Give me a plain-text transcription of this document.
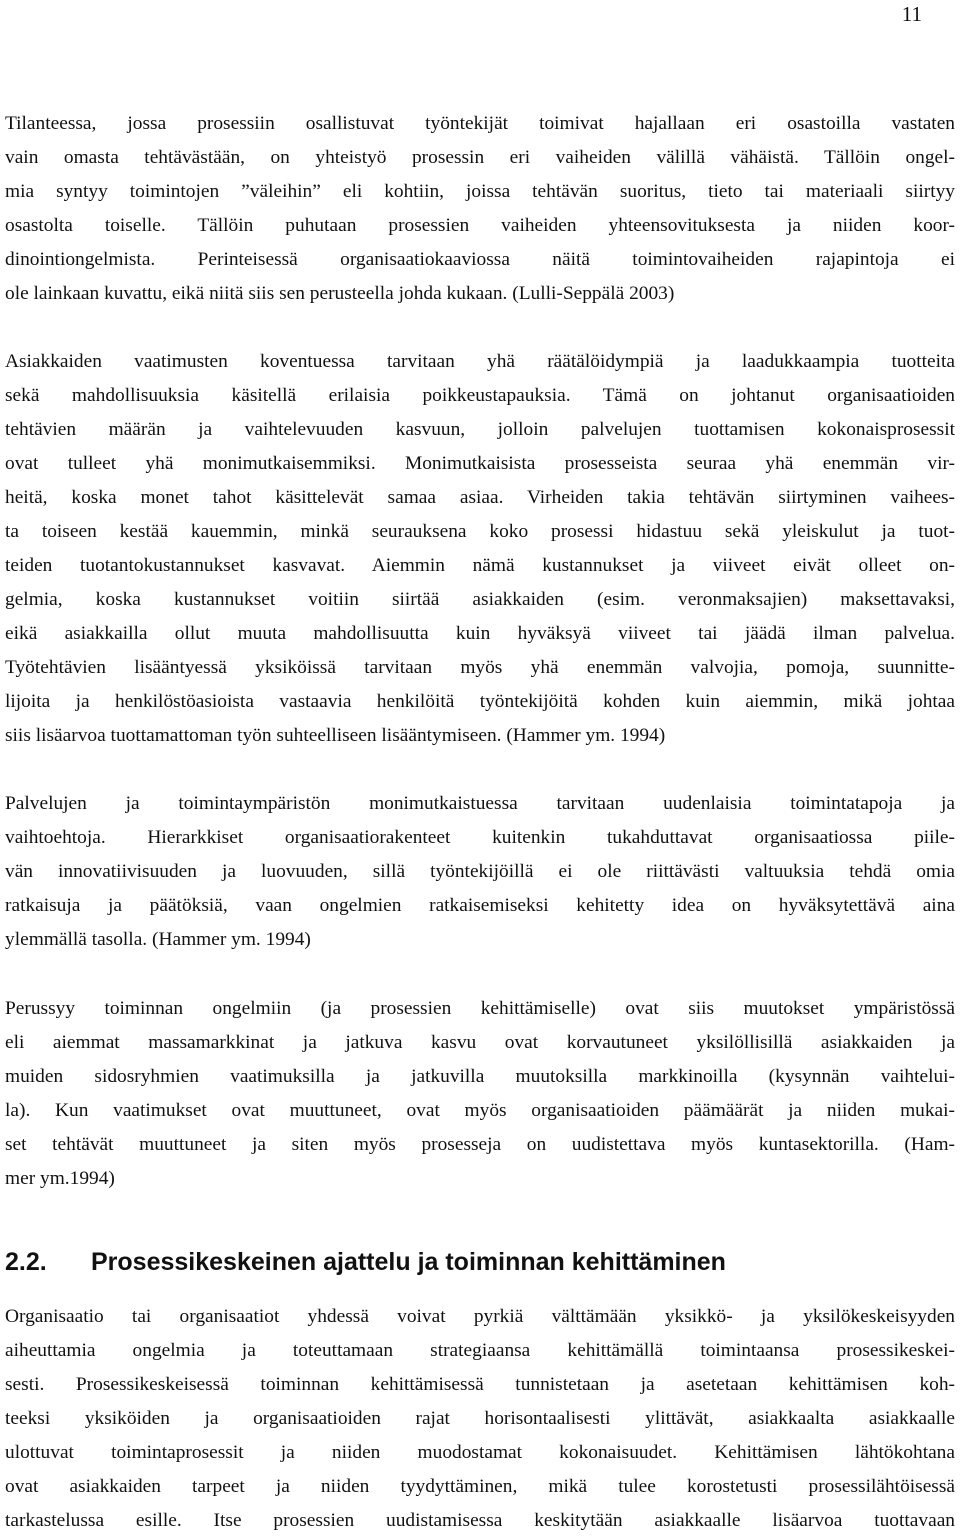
11
Tilanteessa, jossa prosessiin osallistuvat työntekijät toimivat hajallaan eri osastoilla vastaten
vain omasta tehtävästään, on yhteistyö prosessin eri vaiheiden välillä vähäistä. Tällöin ongel-
mia syntyy toimintojen ”väleihin” eli kohtiin, joissa tehtävän suoritus, tieto tai materiaali siirtyy
osastolta toiselle. Tällöin puhutaan prosessien vaiheiden yhteensovituksesta ja niiden koor-
dinointiongelmista. Perinteisessä organisaatiokaaviossa näitä toimintovaiheiden rajapintoja ei
ole lainkaan kuvattu, eikä niitä siis sen perusteella johda kukaan. (Lulli-Seppälä 2003)
Asiakkaiden vaatimusten koventuessa tarvitaan yhä räätälöidympiä ja laadukkaampia tuotteita
sekä mahdollisuuksia käsitellä erilaisia poikkeustapauksia. Tämä on johtanut organisaatioiden
tehtävien määrän ja vaihtelevuuden kasvuun, jolloin palvelujen tuottamisen kokonaisprosessit
ovat tulleet yhä monimutkaisemmiksi. Monimutkaisista prosesseista seuraa yhä enemmän vir-
heitä, koska monet tahot käsittelevät samaa asiaa. Virheiden takia tehtävän siirtyminen vaihees-
ta toiseen kestää kauemmin, minkä seurauksena koko prosessi hidastuu sekä yleiskulut ja tuot-
teiden tuotantokustannukset kasvavat. Aiemmin nämä kustannukset ja viiveet eivät olleet on-
gelmia, koska kustannukset voitiin siirtää asiakkaiden (esim. veronmaksajien) maksettavaksi,
eikä asiakkailla ollut muuta mahdollisuutta kuin hyväksyä viiveet tai jäädä ilman palvelua.
Työtehtävien lisääntyessä yksiköissä tarvitaan myös yhä enemmän valvojia, pomoja, suunnitte-
lijoita ja henkilöstöasioista vastaavia henkilöitä työntekijöitä kohden kuin aiemmin, mikä johtaa
siis lisäarvoa tuottamattoman työn suhteelliseen lisääntymiseen. (Hammer ym. 1994)
Palvelujen ja toimintaympäristön monimutkaistuessa tarvitaan uudenlaisia toimintatapoja ja
vaihtoehtoja. Hierarkkiset organisaatiorakenteet kuitenkin tukahduttavat organisaatiossa piile-
vän innovatiivisuuden ja luovuuden, sillä työntekijöillä ei ole riittävästi valtuuksia tehdä omia
ratkaisuja ja päätöksiä, vaan ongelmien ratkaisemiseksi kehitetty idea on hyväksytettävä aina
ylemmällä tasolla. (Hammer ym. 1994)
Perussyy toiminnan ongelmiin (ja prosessien kehittämiselle) ovat siis muutokset ympäristössä
eli aiemmat massamarkkinat ja jatkuva kasvu ovat korvautuneet yksilöllisillä asiakkaiden ja
muiden sidosryhmien vaatimuksilla ja jatkuvilla muutoksilla markkinoilla (kysynnän vaihtelui-
la). Kun vaatimukset ovat muuttuneet, ovat myös organisaatioiden päämäärät ja niiden mukai-
set tehtävät muuttuneet ja siten myös prosesseja on uudistettava myös kuntasektorilla. (Ham-
mer ym.1994)
2.2. Prosessikeskeinen ajattelu ja toiminnan kehittäminen
Organisaatio tai organisaatiot yhdessä voivat pyrkiä välttämään yksikkö- ja yksilökeskeisyyden
aiheuttamia ongelmia ja toteuttamaan strategiaansa kehittämällä toimintaansa prosessikeskei-
sesti. Prosessikeskeisessä toiminnan kehittämisessä tunnistetaan ja asetetaan kehittämisen koh-
teeksi yksiköiden ja organisaatioiden rajat horisontaalisesti ylittävät, asiakkaalta asiakkaalle
ulottuvat toimintaprosessit ja niiden muodostamat kokonaisuudet. Kehittämisen lähtökohtana
ovat asiakkaiden tarpeet ja niiden tyydyttäminen, mikä tulee korostetusti prosessilähtöisessä
tarkastelussa esille. Itse prosessien uudistamisessa keskitytään asiakkaalle lisäarvoa tuottavaan
